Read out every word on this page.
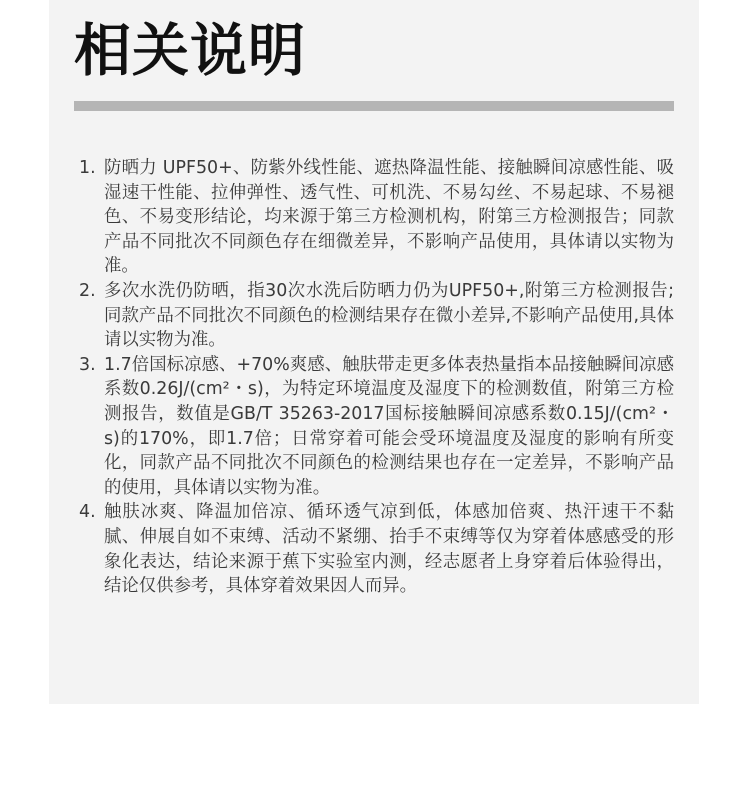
相关说明
1. 防晒力 UPF50+、防紫外线性能、遮热降温性能、接触瞬间凉感性能、吸湿速干性能、拉伸弹性、透气性、可机洗、不易勾丝、不易起球、不易褪色、不易变形结论，均来源于第三方检测机构，附第三方检测报告；同款产品不同批次不同颜色存在细微差异，不影响产品使用，具体请以实物为准。
2. 多次水洗仍防晒，指30次水洗后防晒力仍为UPF50+,附第三方检测报告;同款产品不同批次不同颜色的检测结果存在微小差异,不影响产品使用,具体请以实物为准。
3. 1.7倍国标凉感、+70%爽感、触肤带走更多体表热量指本品接触瞬间凉感系数0.26J/(cm²・s)，为特定环境温度及湿度下的检测数值，附第三方检测报告，数值是GB/T 35263-2017国标接触瞬间凉感系数0.15J/(cm²・s)的170%，即1.7倍；日常穿着可能会受环境温度及湿度的影响有所变化，同款产品不同批次不同颜色的检测结果也存在一定差异，不影响产品的使用，具体请以实物为准。
4. 触肤冰爽、降温加倍凉、循环透气凉到低，体感加倍爽、热汗速干不黏腻、伸展自如不束缚、活动不紧绷、抬手不束缚等仅为穿着体感感受的形象化表达，结论来源于蕉下实验室内测，经志愿者上身穿着后体验得出，结论仅供参考，具体穿着效果因人而异。
